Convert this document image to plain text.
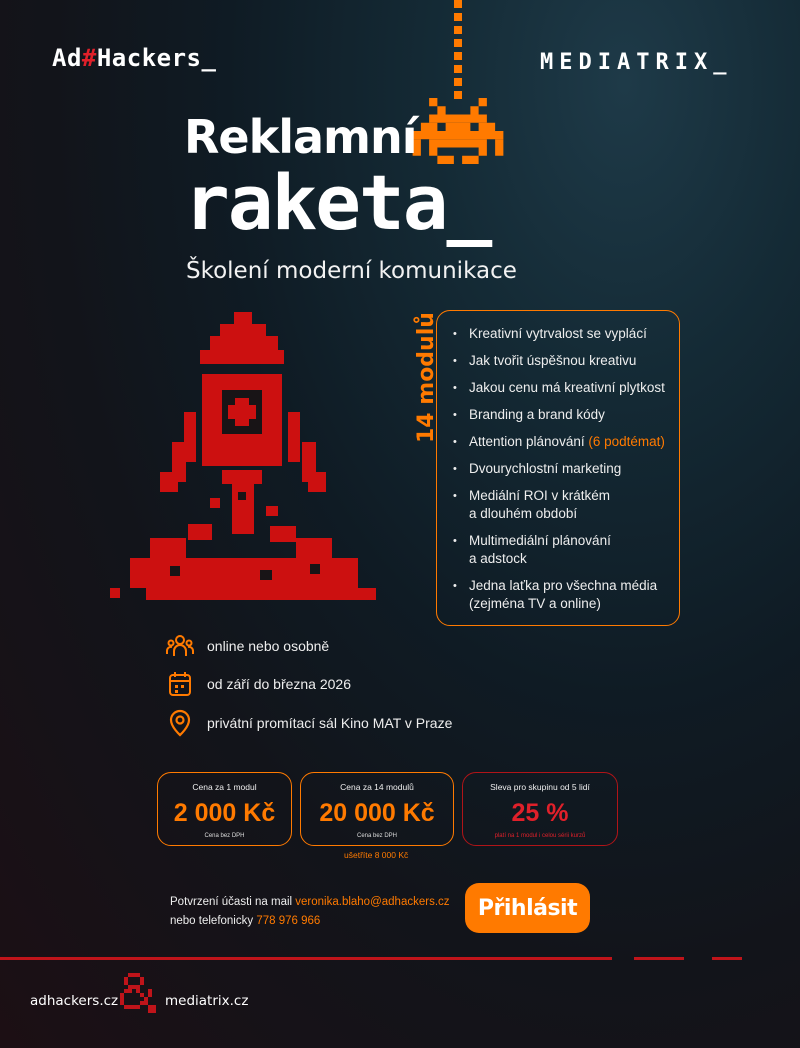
Ad#Hackers_	MEDIATRIX_
Reklamní
raketa_
Školení moderní komunikace
14 modulů
•	Kreativní vytrvalost se vyplácí
• Jak tvořit úspěšnou kreativu
• Jakou cenu má kreativní plytkost
• Branding a brand kódy
• Attention plánování (6 podtémat)
• Dvourychlostní marketing
• Mediální ROI v krátkém
a dlouhém období
• Multimediální plánování
a adstock
• Jedna laťka pro všechna média
(zejména TV a online)
online nebo osobně
od září do března 2026
privátní promítací sál Kino MAT v Praze
Cena za 1 modul
2 000 Kč
Cena bez DPH
Cena za 14 modulů
20 000 Kč
Cena bez DPH
Sleva pro skupinu od 5 lidí
25 %
platí na 1 modul i celou sérii kurzů
ušetříte 8 000 Kč
Potvrzení účasti na mail veronika.blaho@adhackers.cz
nebo telefonicky 778 976 966
Přihlásit
adhackers.cz	mediatrix.cz
